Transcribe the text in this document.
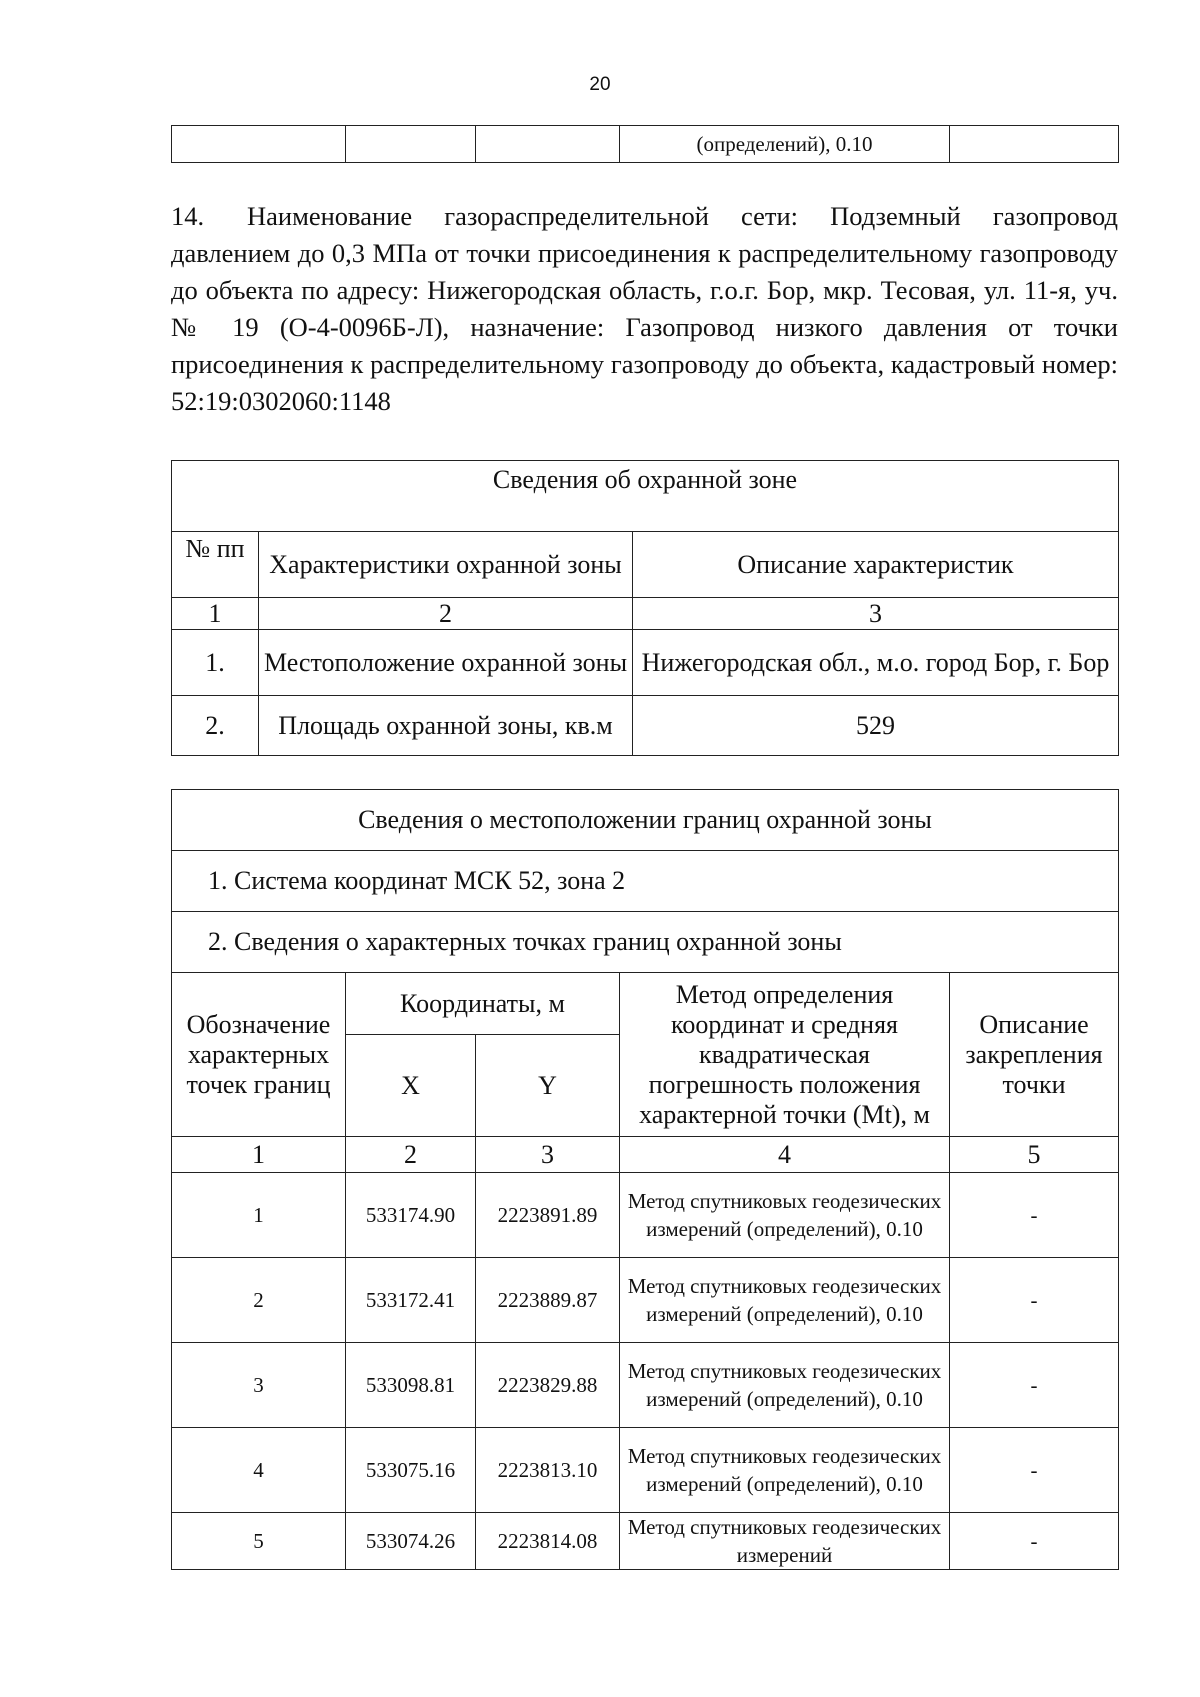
20
			(определений), 0.10	

14. Наименование газораспределительной сети: Подземный газопровод давлением до 0,3 МПа от точки присоединения к распределительному газопроводу до объекта по адресу: Нижегородская область, г.о.г. Бор, мкр. Тесовая, ул. 11-я, уч. № 19 (О-4-0096Б-Л), назначение: Газопровод низкого давления от точки присоединения к распределительному газопроводу до объекта, кадастровый номер: 52:19:0302060:1148

Сведения об охранной зоне		
№ пп	Характеристики охранной зоны	Описание характеристик
1	2	3
1.	Местоположение охранной зоны	Нижегородская обл., м.о. город Бор, г. Бор
2.	Площадь охранной зоны, кв.м	529
Сведения о местоположении границ охранной зоны				
1. Система координат МСК 52, зона 2				
2. Сведения о характерных точках границ охранной зоны				
Обозначение характерных точек границ	Координаты, м		Метод определения координат и средняя квадратическая погрешность положения характерной точки (Mt), м	Описание закрепления точки
	X	Y		
1	2	3	4	5
1	533174.90	2223891.89	Метод спутниковых геодезических измерений (определений), 0.10	-
2	533172.41	2223889.87	Метод спутниковых геодезических измерений (определений), 0.10	-
3	533098.81	2223829.88	Метод спутниковых геодезических измерений (определений), 0.10	-
4	533075.16	2223813.10	Метод спутниковых геодезических измерений (определений), 0.10	-
5	533074.26	2223814.08	Метод спутниковых геодезических измерений	-
